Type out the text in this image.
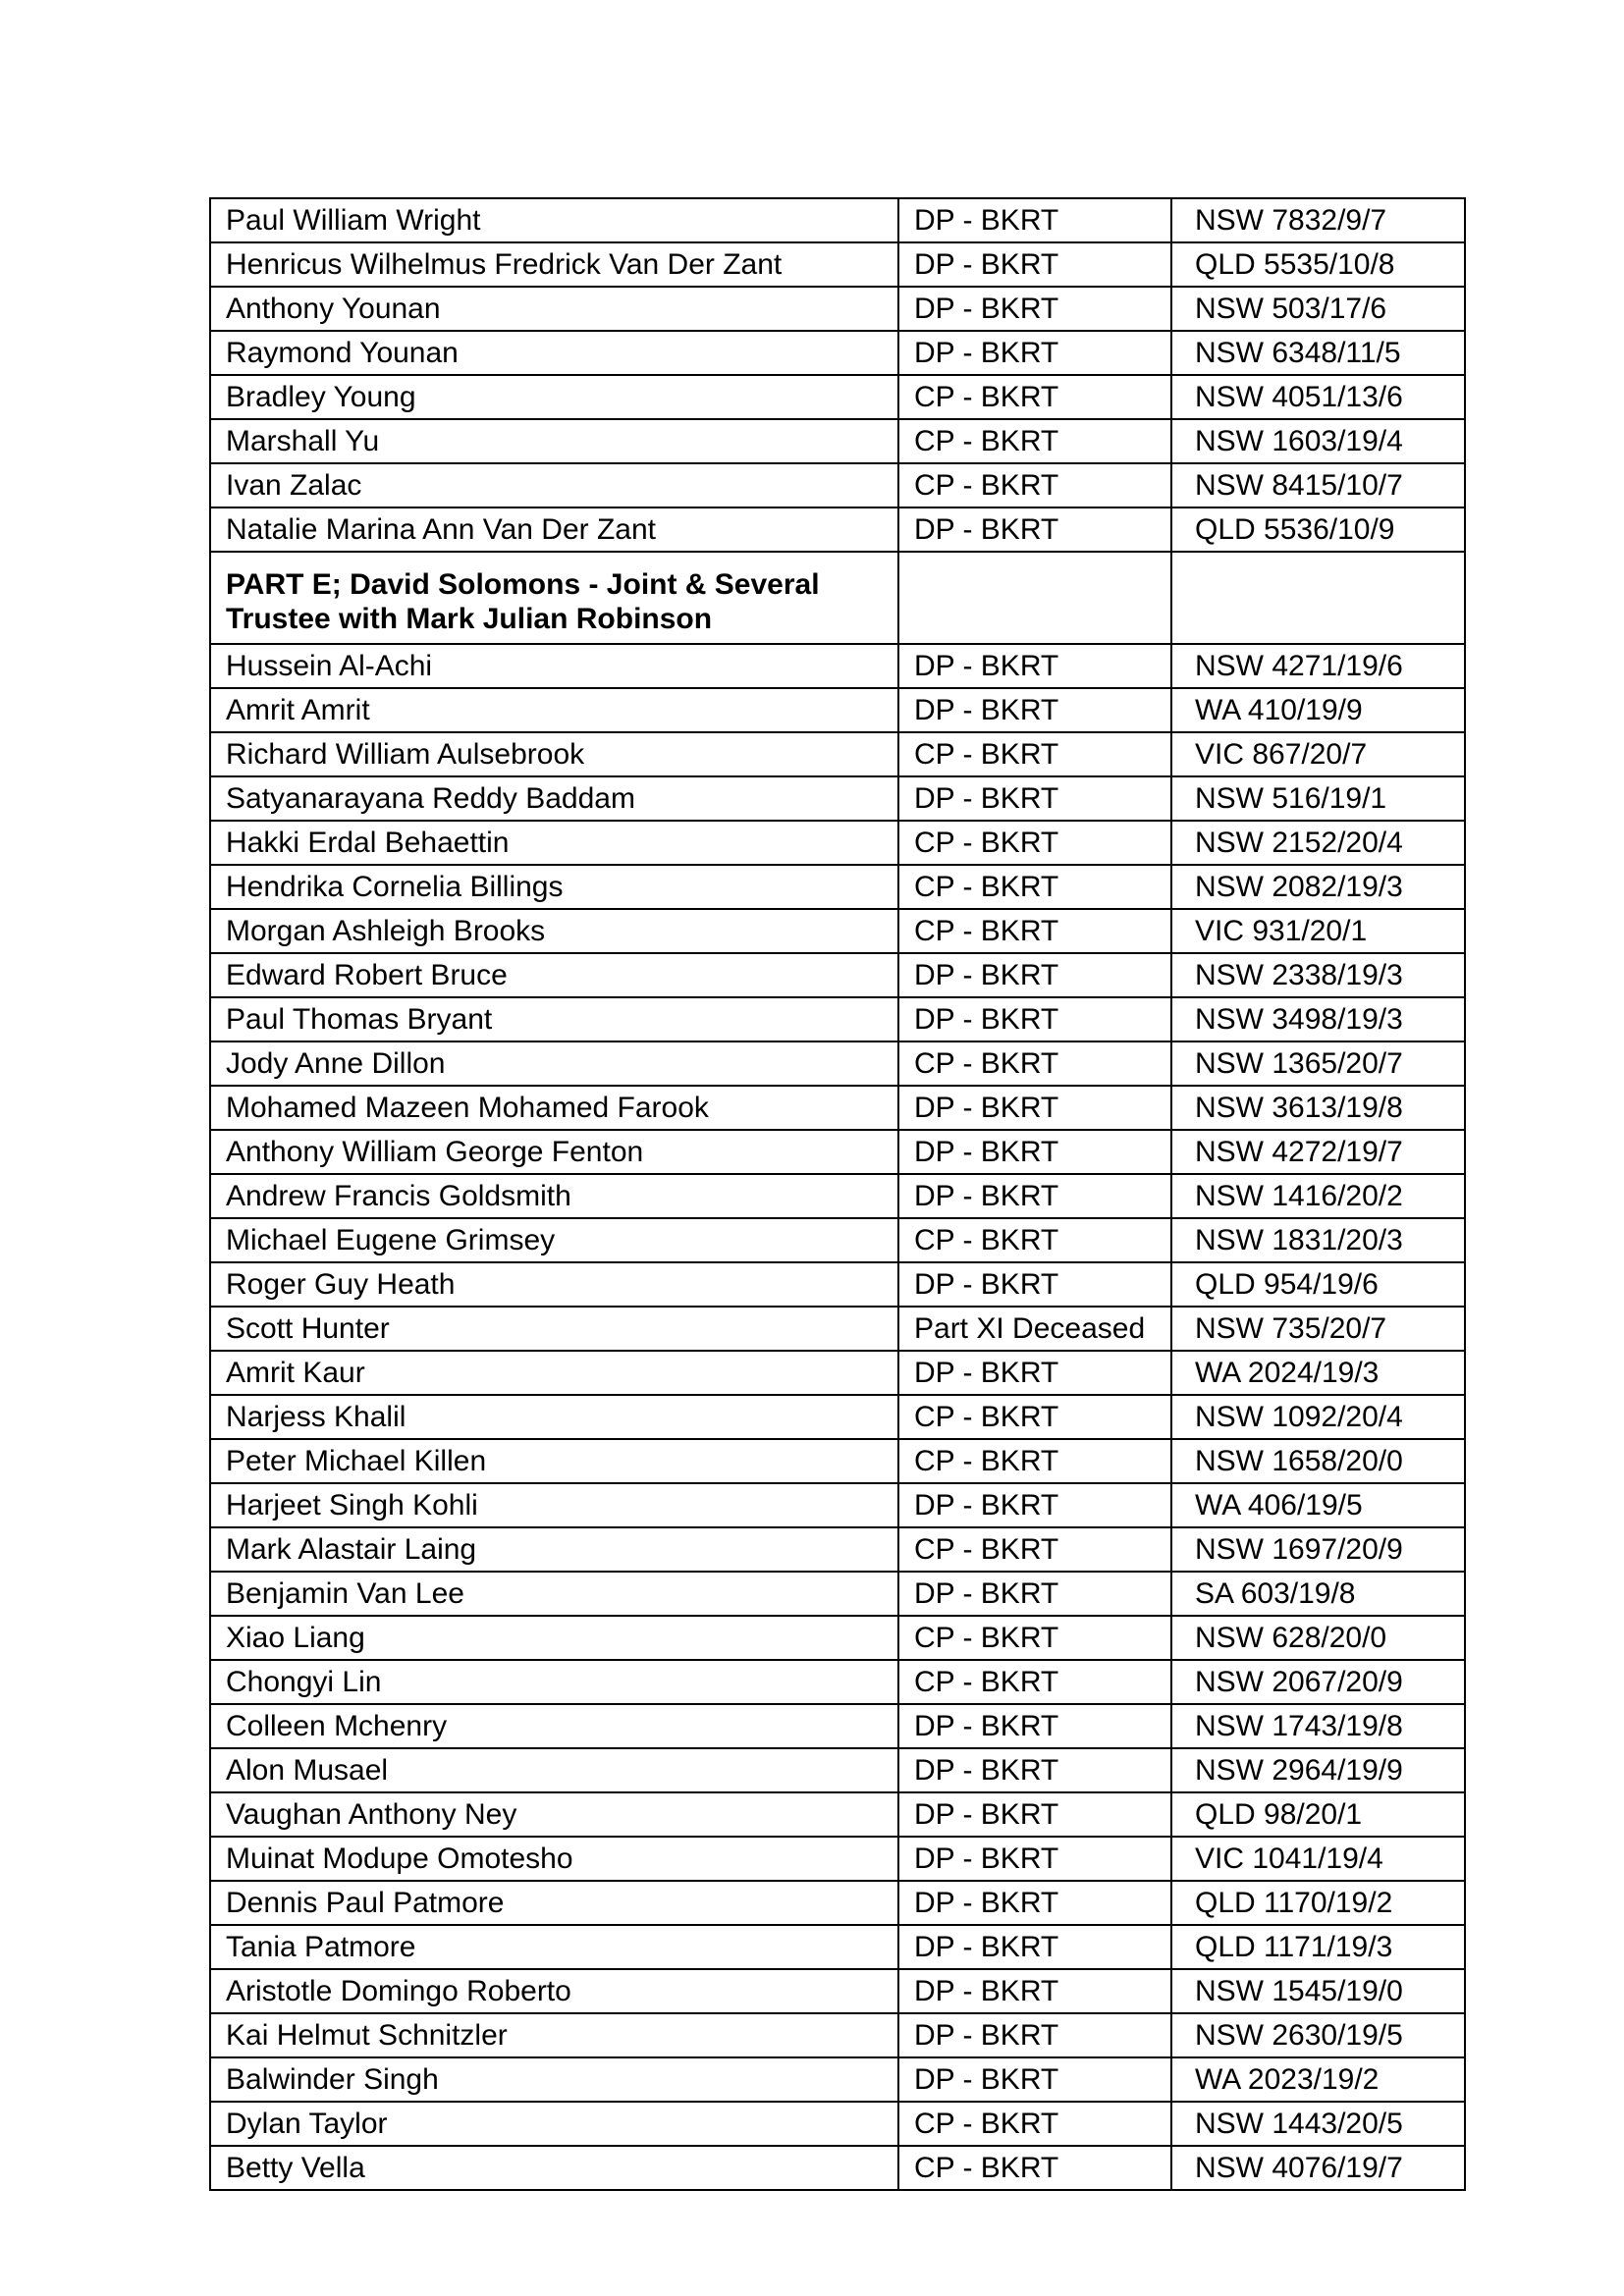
Paul William Wright	DP - BKRT	NSW 7832/9/7
Henricus Wilhelmus Fredrick Van Der Zant	DP - BKRT	QLD 5535/10/8
Anthony Younan	DP - BKRT	NSW 503/17/6
Raymond Younan	DP - BKRT	NSW 6348/11/5
Bradley Young	CP - BKRT	NSW 4051/13/6
Marshall Yu	CP - BKRT	NSW 1603/19/4
Ivan Zalac	CP - BKRT	NSW 8415/10/7
Natalie Marina Ann Van Der Zant	DP - BKRT	QLD 5536/10/9
PART E; David Solomons - Joint & Several
Trustee with Mark Julian Robinson		
Hussein Al-Achi	DP - BKRT	NSW 4271/19/6
Amrit Amrit	DP - BKRT	WA 410/19/9
Richard William Aulsebrook	CP - BKRT	VIC 867/20/7
Satyanarayana Reddy Baddam	DP - BKRT	NSW 516/19/1
Hakki Erdal Behaettin	CP - BKRT	NSW 2152/20/4
Hendrika Cornelia Billings	CP - BKRT	NSW 2082/19/3
Morgan Ashleigh Brooks	CP - BKRT	VIC 931/20/1
Edward Robert Bruce	DP - BKRT	NSW 2338/19/3
Paul Thomas Bryant	DP - BKRT	NSW 3498/19/3
Jody Anne Dillon	CP - BKRT	NSW 1365/20/7
Mohamed Mazeen Mohamed Farook	DP - BKRT	NSW 3613/19/8
Anthony William George Fenton	DP - BKRT	NSW 4272/19/7
Andrew Francis Goldsmith	DP - BKRT	NSW 1416/20/2
Michael Eugene Grimsey	CP - BKRT	NSW 1831/20/3
Roger Guy Heath	DP - BKRT	QLD 954/19/6
Scott Hunter	Part XI Deceased	NSW 735/20/7
Amrit Kaur	DP - BKRT	WA 2024/19/3
Narjess Khalil	CP - BKRT	NSW 1092/20/4
Peter Michael Killen	CP - BKRT	NSW 1658/20/0
Harjeet Singh Kohli	DP - BKRT	WA 406/19/5
Mark Alastair Laing	CP - BKRT	NSW 1697/20/9
Benjamin Van Lee	DP - BKRT	SA 603/19/8
Xiao Liang	CP - BKRT	NSW 628/20/0
Chongyi Lin	CP - BKRT	NSW 2067/20/9
Colleen Mchenry	DP - BKRT	NSW 1743/19/8
Alon Musael	DP - BKRT	NSW 2964/19/9
Vaughan Anthony Ney	DP - BKRT	QLD 98/20/1
Muinat Modupe Omotesho	DP - BKRT	VIC 1041/19/4
Dennis Paul Patmore	DP - BKRT	QLD 1170/19/2
Tania Patmore	DP - BKRT	QLD 1171/19/3
Aristotle Domingo Roberto	DP - BKRT	NSW 1545/19/0
Kai Helmut Schnitzler	DP - BKRT	NSW 2630/19/5
Balwinder Singh	DP - BKRT	WA 2023/19/2
Dylan Taylor	CP - BKRT	NSW 1443/20/5
Betty Vella	CP - BKRT	NSW 4076/19/7
